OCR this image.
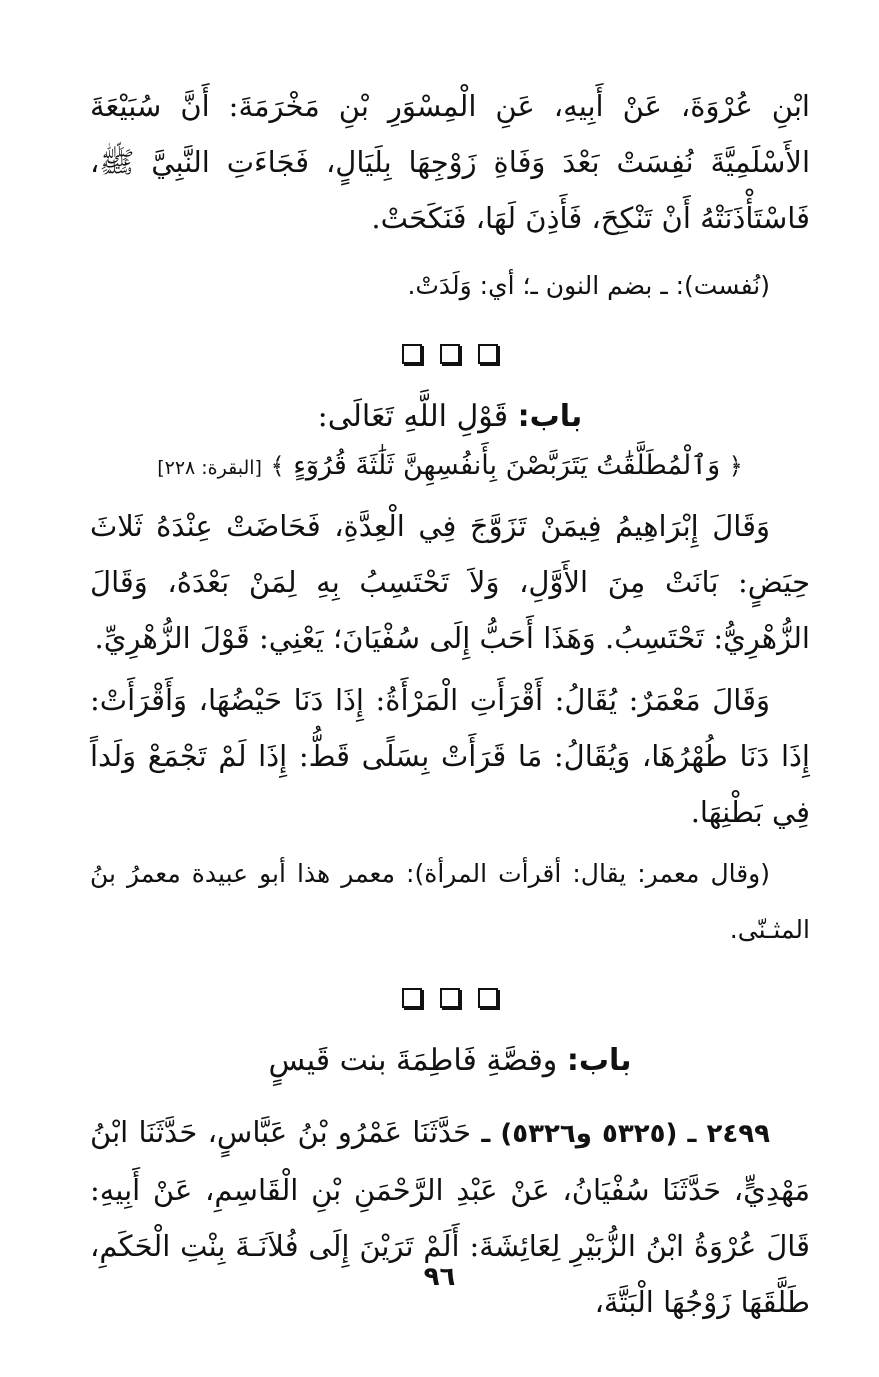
ابْنِ عُرْوَةَ، عَنْ أَبِيهِ، عَنِ الْمِسْوَرِ بْنِ مَخْرَمَةَ: أَنَّ سُبَيْعَةَ الأَسْلَمِيَّةَ نُفِسَتْ بَعْدَ وَفَاةِ زَوْجِهَا بِلَيَالٍ، فَجَاءَتِ النَّبِيَّ ﷺ، فَاسْتَأْذَنَتْهُ أَنْ تَنْكِحَ، فَأَذِنَ لَهَا، فَنَكَحَتْ.

(نُفست): ـ بضم النون ـ؛ أي: وَلَدَتْ.

باب: قَوْلِ اللَّهِ تَعَالَى:

﴿ وَٱلْمُطَلَّقَٰتُ يَتَرَبَّصْنَ بِأَنفُسِهِنَّ ثَلَٰثَةَ قُرُوٓءٍ ﴾ [البقرة: ٢٢٨]

وَقَالَ إِبْرَاهِيمُ فِيمَنْ تَزَوَّجَ فِي الْعِدَّةِ، فَحَاضَتْ عِنْدَهُ ثَلاثَ حِيَضٍ: بَانَتْ مِنَ الأَوَّلِ، وَلاَ تَحْتَسِبُ بِهِ لِمَنْ بَعْدَهُ، وَقَالَ الزُّهْرِيُّ: تَحْتَسِبُ. وَهَذَا أَحَبُّ إِلَى سُفْيَانَ؛ يَعْنِي: قَوْلَ الزُّهْرِيِّ.

وَقَالَ مَعْمَرٌ: يُقَالُ: أَقْرَأَتِ الْمَرْأَةُ: إِذَا دَنَا حَيْضُهَا، وَأَقْرَأَتْ: إِذَا دَنَا طُهْرُهَا، وَيُقَالُ: مَا قَرَأَتْ بِسَلًى قَطُّ: إِذَا لَمْ تَجْمَعْ وَلَداً فِي بَطْنِهَا.

(وقال معمر: يقال: أقرأت المرأة): معمر هذا أبو عبيدة معمرُ بنُ المثـنّى.

باب: وقصَّةِ فَاطِمَةَ بنت قَيسٍ

٢٤٩٩ ـ (٥٣٢٥ و٥٣٢٦) ـ حَدَّثَنَا عَمْرُو بْنُ عَبَّاسٍ، حَدَّثَنَا ابْنُ مَهْدِيٍّ، حَدَّثَنَا سُفْيَانُ، عَنْ عَبْدِ الرَّحْمَنِ بْنِ الْقَاسِمِ، عَنْ أَبِيهِ: قَالَ عُرْوَةُ ابْنُ الزُّبَيْرِ لِعَائِشَةَ: أَلَمْ تَرَيْنَ إِلَى فُلاَنَـةَ بِنْتِ الْحَكَمِ، طَلَّقَهَا زَوْجُهَا الْبَتَّةَ،

٩٦
